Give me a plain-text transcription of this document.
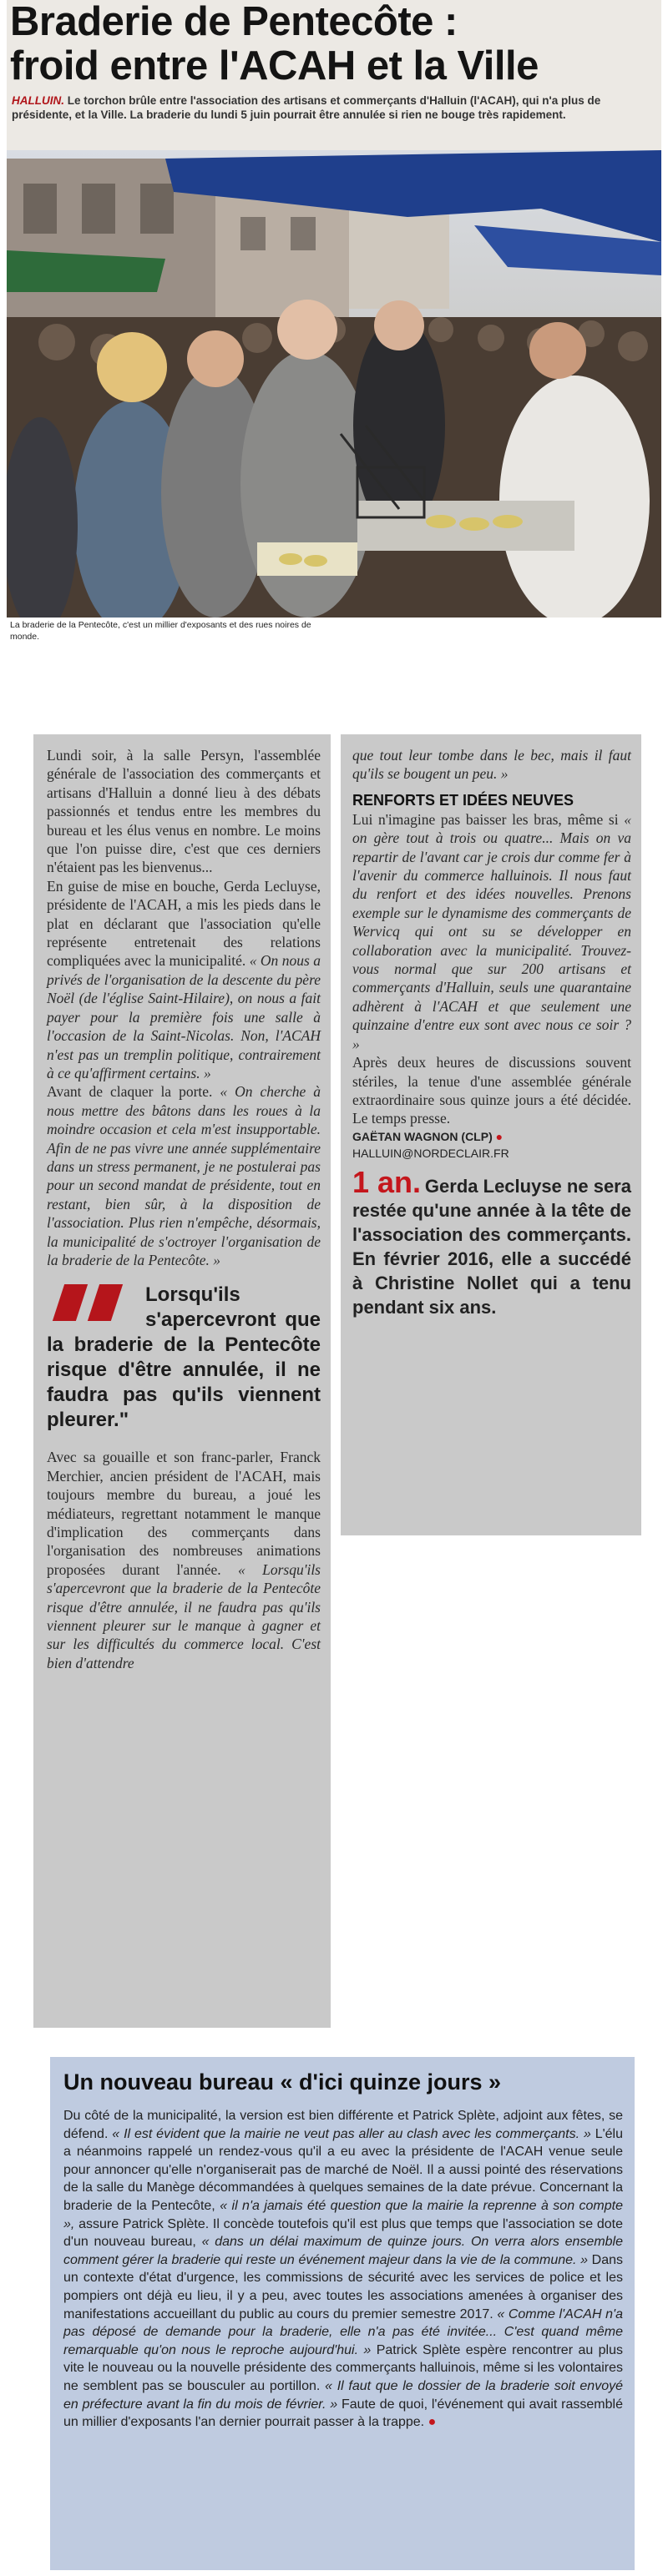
Braderie de Pentecôte :
froid entre l'ACAH et la Ville

HALLUIN. Le torchon brûle entre l'association des artisans et commerçants d'Halluin (l'ACAH), qui n'a plus de présidente, et la Ville. La braderie du lundi 5 juin pourrait être annulée si rien ne bouge très rapidement.

La braderie de la Pentecôte, c'est un millier d'exposants et des rues noires de monde.

Lundi soir, à la salle Persyn, l'assemblée générale de l'association des commerçants et artisans d'Halluin a donné lieu à des débats passionnés et tendus entre les membres du bureau et les élus venus en nombre. Le moins que l'on puisse dire, c'est que ces derniers n'étaient pas les bienvenus...

En guise de mise en bouche, Gerda Lecluyse, présidente de l'ACAH, a mis les pieds dans le plat en déclarant que l'association qu'elle représente entretenait des relations compliquées avec la municipalité. « On nous a privés de l'organisation de la descente du père Noël (de l'église Saint-Hilaire), on nous a fait payer pour la première fois une salle à l'occasion de la Saint-Nicolas. Non, l'ACAH n'est pas un tremplin politique, contrairement à ce qu'affirment certains. »

Avant de claquer la porte. « On cherche à nous mettre des bâtons dans les roues à la moindre occasion et cela m'est insupportable. Afin de ne pas vivre une année supplémentaire dans un stress permanent, je ne postulerai pas pour un second mandat de présidente, tout en restant, bien sûr, à la disposition de l'association. Plus rien n'empêche, désormais, la municipalité de s'octroyer l'organisation de la braderie de la Pentecôte. »

Lorsqu'ils s'apercevront que la braderie de la Pentecôte risque d'être annulée, il ne faudra pas qu'ils viennent pleurer."

Avec sa gouaille et son franc-parler, Franck Merchier, ancien président de l'ACAH, mais toujours membre du bureau, a joué les médiateurs, regrettant notamment le manque d'implication des commerçants dans l'organisation des nombreuses animations proposées durant l'année. « Lorsqu'ils s'apercevront que la braderie de la Pentecôte risque d'être annulée, il ne faudra pas qu'ils viennent pleurer sur le manque à gagner et sur les difficultés du commerce local. C'est bien d'attendre

que tout leur tombe dans le bec, mais il faut qu'ils se bougent un peu. »

RENFORTS ET IDÉES NEUVES

Lui n'imagine pas baisser les bras, même si « on gère tout à trois ou quatre... Mais on va repartir de l'avant car je crois dur comme fer à l'avenir du commerce halluinois. Il nous faut du renfort et des idées nouvelles. Prenons exemple sur le dynamisme des commerçants de Wervicq qui ont su se développer en collaboration avec la municipalité. Trouvez-vous normal que sur 200 artisans et commerçants d'Halluin, seuls une quarantaine adhèrent à l'ACAH et que seulement une quinzaine d'entre eux sont avec nous ce soir ? »

Après deux heures de discussions souvent stériles, la tenue d'une assemblée générale extraordinaire sous quinze jours a été décidée. Le temps presse.

GAËTAN WAGNON (CLP) ●
HALLUIN@NORDECLAIR.FR

1 an. Gerda Lecluyse ne sera restée qu'une année à la tête de l'association des commerçants. En février 2016, elle a succédé à Christine Nollet qui a tenu pendant six ans.

Un nouveau bureau « d'ici quinze jours »

Du côté de la municipalité, la version est bien différente et Patrick Splète, adjoint aux fêtes, se défend. « Il est évident que la mairie ne veut pas aller au clash avec les commerçants. » L'élu a néanmoins rappelé un rendez-vous qu'il a eu avec la présidente de l'ACAH venue seule pour annoncer qu'elle n'organiserait pas de marché de Noël. Il a aussi pointé des réservations de la salle du Manège décommandées à quelques semaines de la date prévue. Concernant la braderie de la Pentecôte, « il n'a jamais été question que la mairie la reprenne à son compte », assure Patrick Splète. Il concède toutefois qu'il est plus que temps que l'association se dote d'un nouveau bureau, « dans un délai maximum de quinze jours. On verra alors ensemble comment gérer la braderie qui reste un événement majeur dans la vie de la commune. » Dans un contexte d'état d'urgence, les commissions de sécurité avec les services de police et les pompiers ont déjà eu lieu, il y a peu, avec toutes les associations amenées à organiser des manifestations accueillant du public au cours du premier semestre 2017. « Comme l'ACAH n'a pas déposé de demande pour la braderie, elle n'a pas été invitée... C'est quand même remarquable qu'on nous le reproche aujourd'hui. » Patrick Splète espère rencontrer au plus vite le nouveau ou la nouvelle présidente des commerçants halluinois, même si les volontaires ne semblent pas se bousculer au portillon. « Il faut que le dossier de la braderie soit envoyé en préfecture avant la fin du mois de février. » Faute de quoi, l'événement qui avait rassemblé un millier d'exposants l'an dernier pourrait passer à la trappe. ●
